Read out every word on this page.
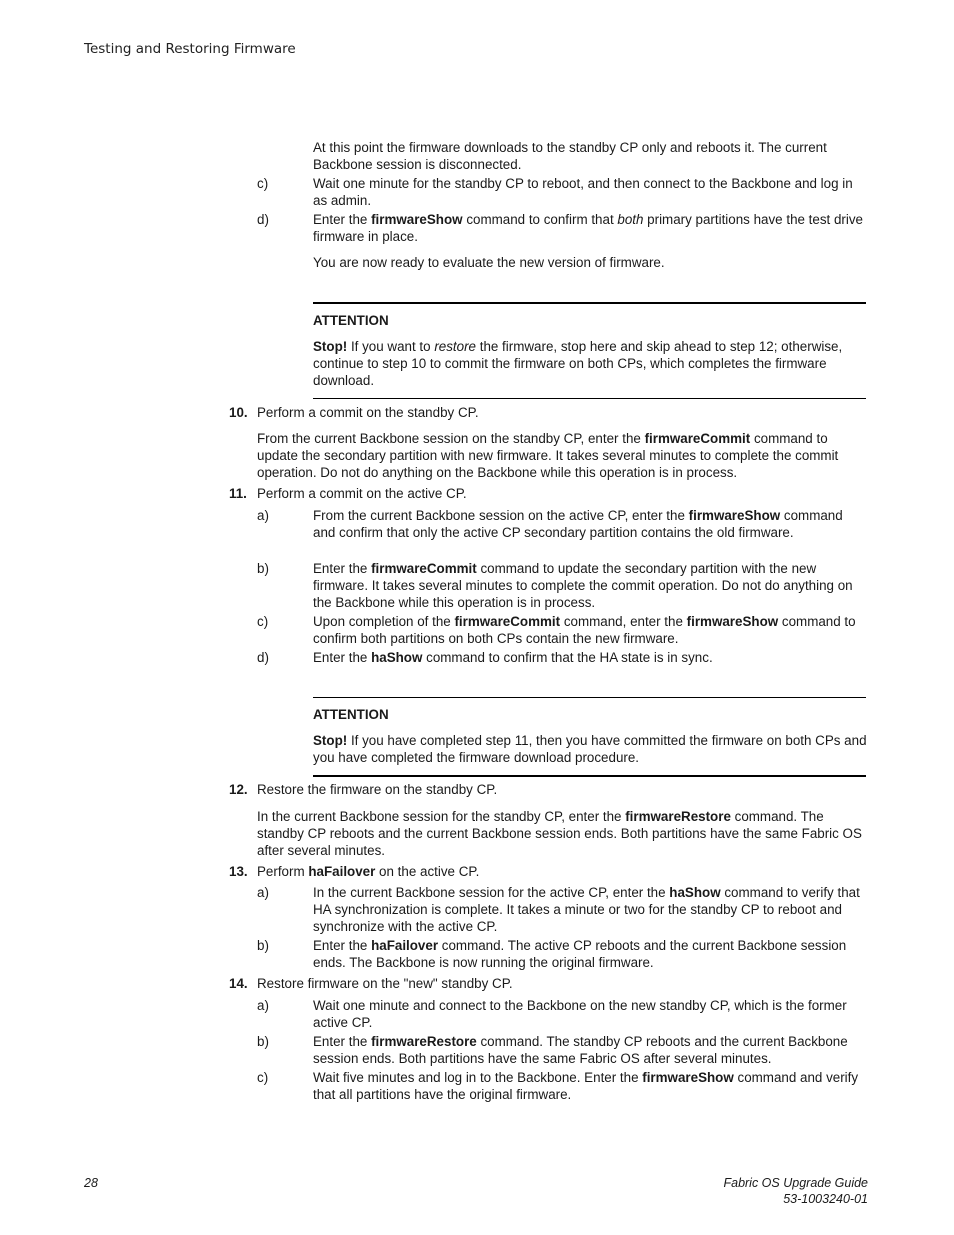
Testing and Restoring Firmware
At this point the firmware downloads to the standby CP only and reboots it. The current Backbone session is disconnected.
c)	Wait one minute for the standby CP to reboot, and then connect to the Backbone and log in as admin.
d)	Enter the firmwareShow command to confirm that both primary partitions have the test drive firmware in place.
You are now ready to evaluate the new version of firmware.
ATTENTION
Stop! If you want to restore the firmware, stop here and skip ahead to step 12; otherwise, continue to step 10 to commit the firmware on both CPs, which completes the firmware download.
10. Perform a commit on the standby CP.
From the current Backbone session on the standby CP, enter the firmwareCommit command to update the secondary partition with new firmware. It takes several minutes to complete the commit operation. Do not do anything on the Backbone while this operation is in process.
11. Perform a commit on the active CP.
a)	From the current Backbone session on the active CP, enter the firmwareShow command and confirm that only the active CP secondary partition contains the old firmware.
b)	Enter the firmwareCommit command to update the secondary partition with the new firmware. It takes several minutes to complete the commit operation. Do not do anything on the Backbone while this operation is in process.
c)	Upon completion of the firmwareCommit command, enter the firmwareShow command to confirm both partitions on both CPs contain the new firmware.
d)	Enter the haShow command to confirm that the HA state is in sync.
ATTENTION
Stop! If you have completed step 11, then you have committed the firmware on both CPs and you have completed the firmware download procedure.
12. Restore the firmware on the standby CP.
In the current Backbone session for the standby CP, enter the firmwareRestore command. The standby CP reboots and the current Backbone session ends. Both partitions have the same Fabric OS after several minutes.
13. Perform haFailover on the active CP.
a)	In the current Backbone session for the active CP, enter the haShow command to verify that HA synchronization is complete. It takes a minute or two for the standby CP to reboot and synchronize with the active CP.
b)	Enter the haFailover command. The active CP reboots and the current Backbone session ends. The Backbone is now running the original firmware.
14. Restore firmware on the "new" standby CP.
a)	Wait one minute and connect to the Backbone on the new standby CP, which is the former active CP.
b)	Enter the firmwareRestore command. The standby CP reboots and the current Backbone session ends. Both partitions have the same Fabric OS after several minutes.
c)	Wait five minutes and log in to the Backbone. Enter the firmwareShow command and verify that all partitions have the original firmware.
28	Fabric OS Upgrade Guide
53-1003240-01
